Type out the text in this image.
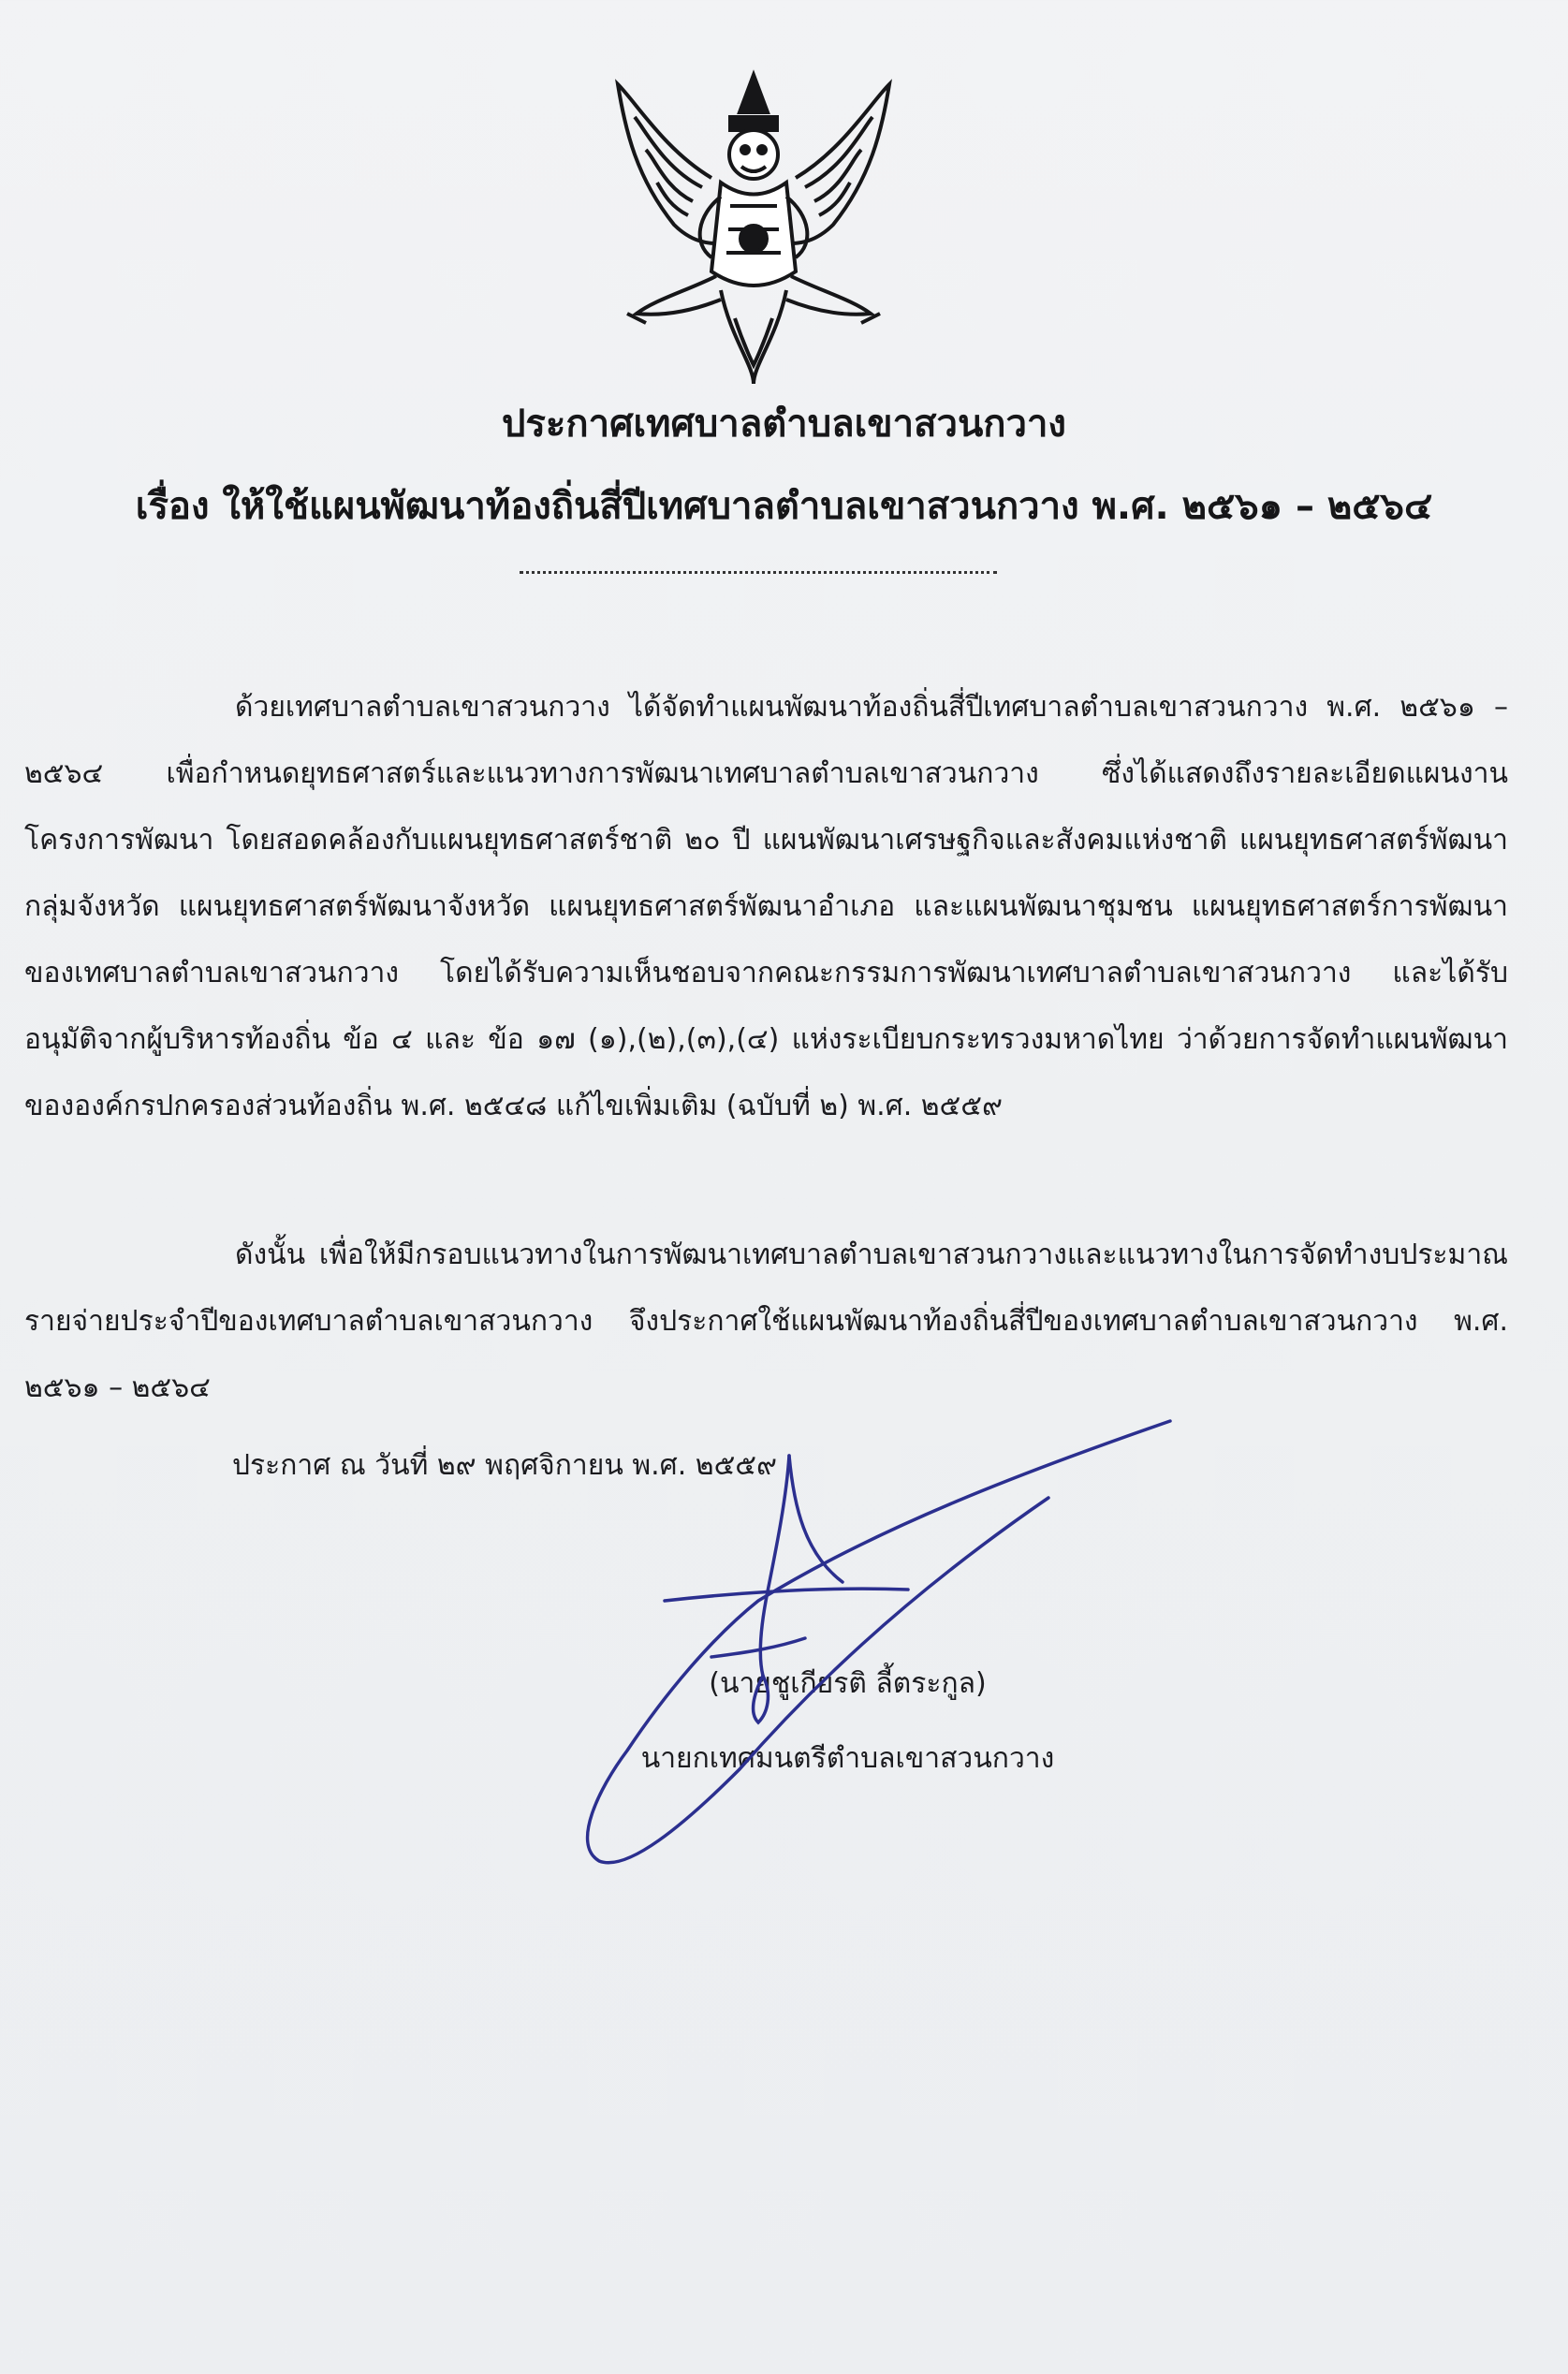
ประกาศเทศบาลตำบลเขาสวนกวาง
เรื่อง ให้ใช้แผนพัฒนาท้องถิ่นสี่ปีเทศบาลตำบลเขาสวนกวาง พ.ศ. ๒๕๖๑ – ๒๕๖๔
ด้วยเทศบาลตำบลเขาสวนกวาง ได้จัดทำแผนพัฒนาท้องถิ่นสี่ปีเทศบาลตำบลเขาสวนกวาง พ.ศ. ๒๕๖๑ – ๒๕๖๔ เพื่อกำหนดยุทธศาสตร์และแนวทางการพัฒนาเทศบาลตำบลเขาสวนกวาง ซึ่งได้แสดงถึงรายละเอียดแผนงานโครงการพัฒนา โดยสอดคล้องกับแผนยุทธศาสตร์ชาติ ๒๐ ปี แผนพัฒนาเศรษฐกิจและสังคมแห่งชาติ แผนยุทธศาสตร์พัฒนากลุ่มจังหวัด แผนยุทธศาสตร์พัฒนาจังหวัด แผนยุทธศาสตร์พัฒนาอำเภอ และแผนพัฒนาชุมชน แผนยุทธศาสตร์การพัฒนาของเทศบาลตำบลเขาสวนกวาง โดยได้รับความเห็นชอบจากคณะกรรมการพัฒนาเทศบาลตำบลเขาสวนกวาง และได้รับอนุมัติจากผู้บริหารท้องถิ่น ข้อ ๔ และ ข้อ ๑๗ (๑),(๒),(๓),(๔) แห่งระเบียบกระทรวงมหาดไทย ว่าด้วยการจัดทำแผนพัฒนาขององค์กรปกครองส่วนท้องถิ่น พ.ศ. ๒๕๔๘ แก้ไขเพิ่มเติม (ฉบับที่ ๒) พ.ศ. ๒๕๕๙
ดังนั้น เพื่อให้มีกรอบแนวทางในการพัฒนาเทศบาลตำบลเขาสวนกวางและแนวทางในการจัดทำงบประมาณรายจ่ายประจำปีของเทศบาลตำบลเขาสวนกวาง จึงประกาศใช้แผนพัฒนาท้องถิ่นสี่ปีของเทศบาลตำบลเขาสวนกวาง พ.ศ. ๒๕๖๑ – ๒๕๖๔
ประกาศ ณ วันที่ ๒๙ พฤศจิกายน พ.ศ. ๒๕๕๙
(นายชูเกียรติ ลี้ตระกูล)
นายกเทศมนตรีตำบลเขาสวนกวาง
